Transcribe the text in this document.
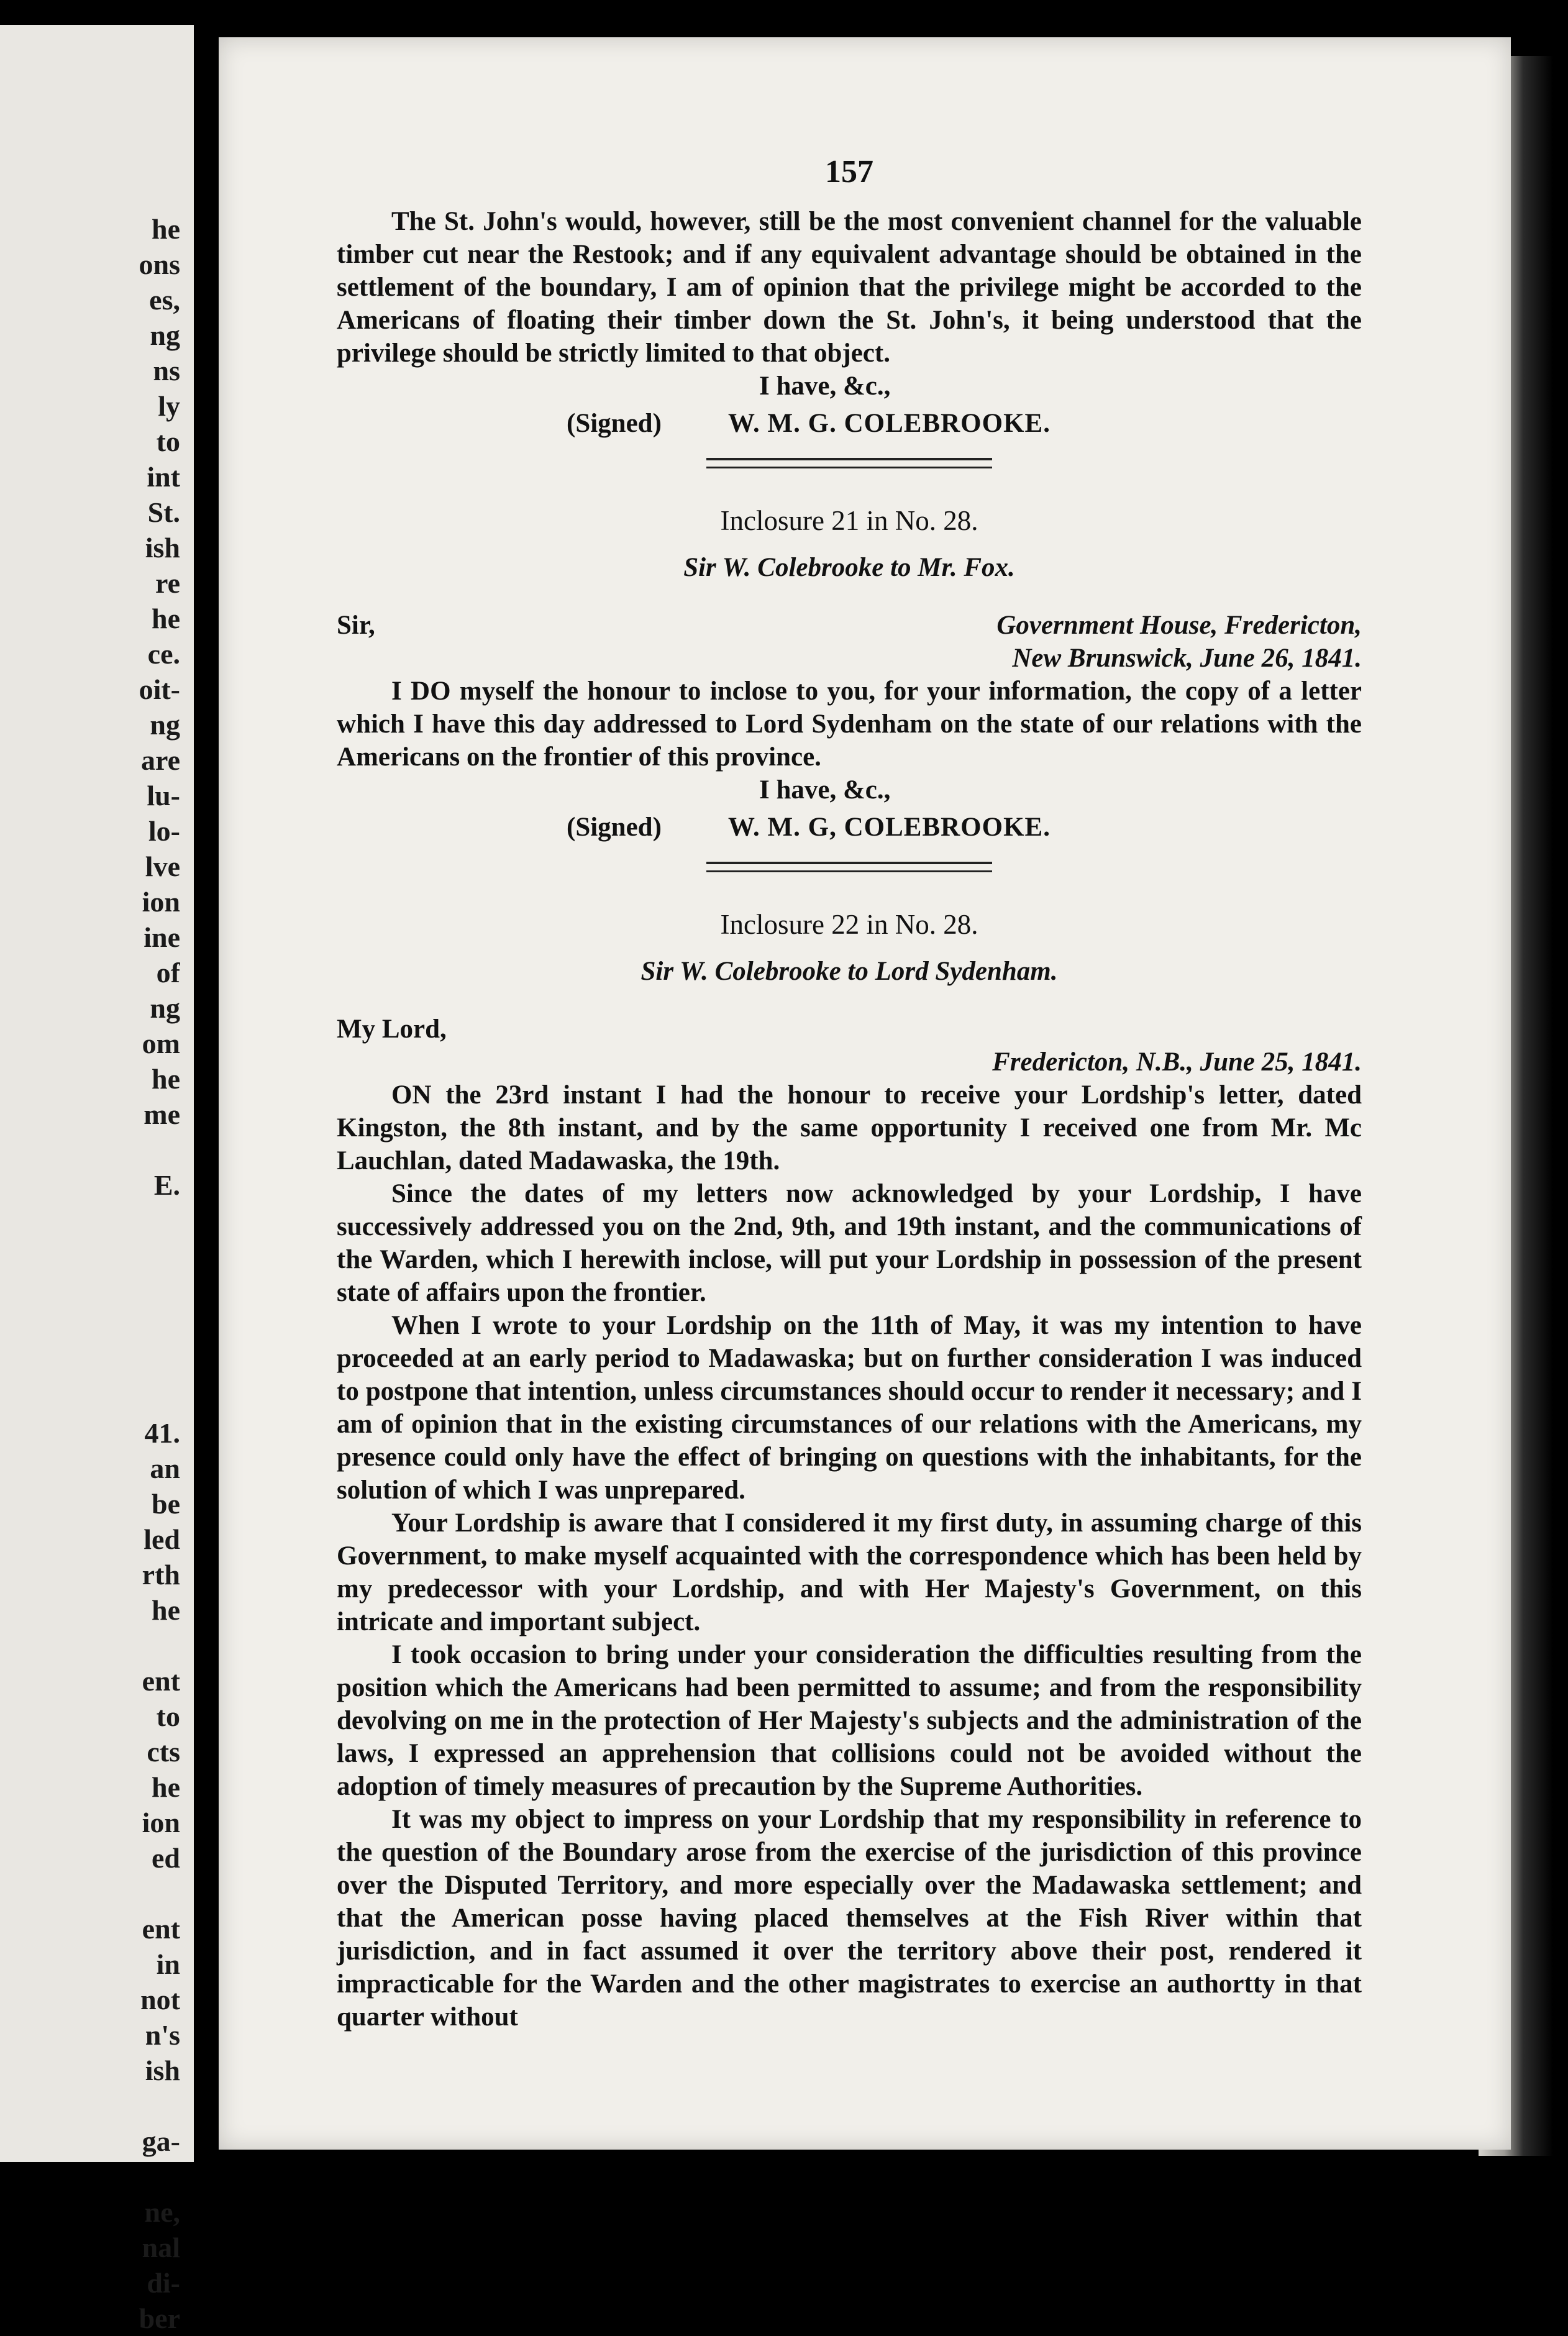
he
ons
es,
ng
ns
ly
to
int
St.
ish
re
he
ce.
oit-
ng
are
lu-
lo-
lve
ion
ine
of
ng
om
he
me
E.
41.
an
be
led
rth
he
ent
to
cts
he
ion
ed
ent
in
not
n's
ish
ga-
ne,
nal
di-
ber
157

The St. John's would, however, still be the most convenient channel for the valuable timber cut near the Restook; and if any equivalent advantage should be obtained in the settlement of the boundary, I am of opinion that the privilege might be accorded to the Americans of floating their timber down the St. John's, it being understood that the privilege should be strictly limited to that object.

I have, &c.,
(Signed)	W. M. G. COLEBROOKE.
Inclosure 21 in No. 28.
Sir W. Colebrooke to Mr. Fox.
Sir,	Government House, Fredericton,
New Brunswick, June 26, 1841.

I DO myself the honour to inclose to you, for your information, the copy of a letter which I have this day addressed to Lord Sydenham on the state of our relations with the Americans on the frontier of this province.

I have, &c.,
(Signed)	W. M. G, COLEBROOKE.
Inclosure 22 in No. 28.
Sir W. Colebrooke to Lord Sydenham.
My Lord,
Fredericton, N.B., June 25, 1841.

ON the 23rd instant I had the honour to receive your Lordship's letter, dated Kingston, the 8th instant, and by the same opportunity I received one from Mr. Mc Lauchlan, dated Madawaska, the 19th.

Since the dates of my letters now acknowledged by your Lordship, I have successively addressed you on the 2nd, 9th, and 19th instant, and the communications of the Warden, which I herewith inclose, will put your Lordship in possession of the present state of affairs upon the frontier.

When I wrote to your Lordship on the 11th of May, it was my intention to have proceeded at an early period to Madawaska; but on further consideration I was induced to postpone that intention, unless circumstances should occur to render it necessary; and I am of opinion that in the existing circumstances of our relations with the Americans, my presence could only have the effect of bringing on questions with the inhabitants, for the solution of which I was unprepared.

Your Lordship is aware that I considered it my first duty, in assuming charge of this Government, to make myself acquainted with the correspondence which has been held by my predecessor with your Lordship, and with Her Majesty's Government, on this intricate and important subject.

I took occasion to bring under your consideration the difficulties resulting from the position which the Americans had been permitted to assume; and from the responsibility devolving on me in the protection of Her Majesty's subjects and the administration of the laws, I expressed an apprehension that collisions could not be avoided without the adoption of timely measures of precaution by the Supreme Authorities.

It was my object to impress on your Lordship that my responsibility in reference to the question of the Boundary arose from the exercise of the jurisdiction of this province over the Disputed Territory, and more especially over the Madawaska settlement; and that the American posse having placed themselves at the Fish River within that jurisdiction, and in fact assumed it over the territory above their post, rendered it impracticable for the Warden and the other magistrates to exercise an authortty in that quarter without
